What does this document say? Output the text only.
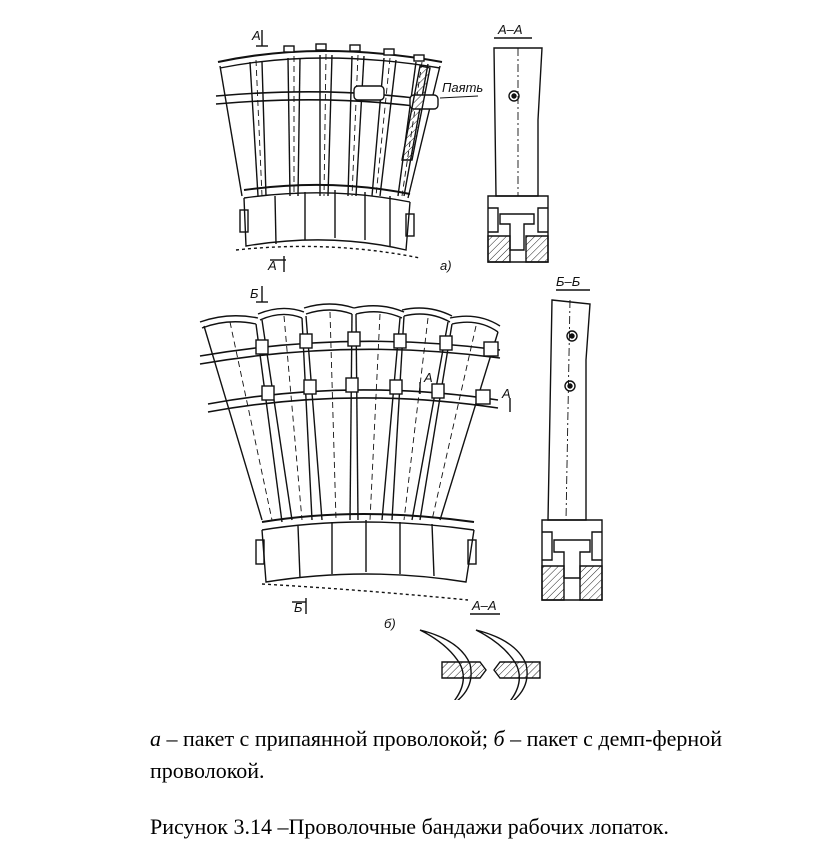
A
A
Паять
а)
А–А
Б
Б
А
А
б)
Б–Б
А–А
а – пакет с припаянной проволокой; б – пакет с демп-ферной проволокой.
Рисунок 3.14 –Проволочные бандажи рабочих лопаток.
